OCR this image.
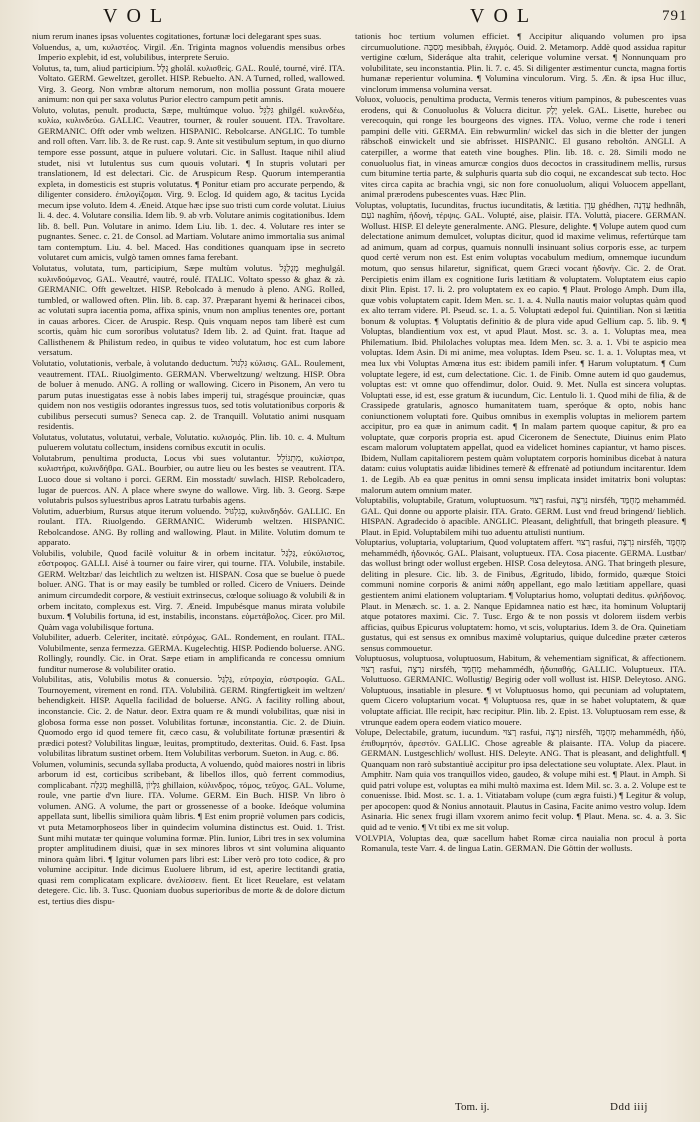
VOL	VOL	791

nium rerum inanes ipsas voluentes cogitationes, fortunæ loci delegarant spes suas.

Voluendus, a, um, κυλιστέος. Virgil. Æn. Triginta magnos voluendis mensibus orbes Imperio explebit, id est, volubilibus, interprete Seruio.

Volutus, ta, tum, aliud participium. גֻּלָּל gholál. κυλισθείς. GAL. Roulé, tourné, viré. ITA. Voltato. GERM. Geweltzet, gerollet. HISP. Rebuelto. AN. A Turned, rolled, wallowed. Virg. 3. Georg. Non vmbræ altorum nemorum, non mollia possunt Grata mouere animum: non qui per saxa volutus Purior electro campum petit amnis.

Voluto, volutas, penult. producta, Sæpe, multúmque voluo. גִּלְגֵּל ghilgél. κυλινδέω, κυλίω, κυλινδεύω. GALLIC. Veautrer, tourner, & rouler souuent. ITA. Travoltare. GERMANIC. Offt oder vmb weltzen. HISPANIC. Rebolcarse. ANGLIC. To tumble and roll often. Varr. lib. 3. de Re rust. cap. 9. Ante sit vestibulum septum, in quo diurno tempore esse possunt, atque in puluere volutari. Cic. in Sallust. Itaque nihil aliud studet, nisi vt lutulentus sus cum quouis volutari. ¶ In stupris volutari per translationem, Id est delectari. Cic. de Aruspicum Resp. Quorum intemperantia expleta, in domesticis est stupris volutatus. ¶ Ponitur etiam pro accurate perpendo, & diligenter considero. ἐπιλογίζομαι. Virg. 9. Eclog. Id quidem ago, & tacitus Lycida mecum ipse voluto. Idem 4. Æneid. Atque hæc ipse suo tristi cum corde volutat. Liuius li. 4. dec. 4. Volutare consilia. Idem lib. 9. ab vrb. Volutare animis cogitationibus. Idem lib. 8. bell. Pun. Volutare in animo. Idem Liu. lib. 1. dec. 4. Volutare res inter se pugnantes. Senec. c. 21. de Consol. ad Martiam. Volutare animo immortalia sus animal tam contemptum. Liu. 4. bel. Maced. Has conditiones quanquam ipse in secreto volutaret cum amicis, vulgò tamen omnes fama ferebant.

Volutatus, volutata, tum, participium, Sæpe multùm volutus. מְגֻלְגָּל meghulgál. κυλινδούμενος. GAL. Veautré, vautré, roulé. ITALIC. Voltato spesso & ghaz & zà. GERMANIC. Offt geweltzet. HISP. Rebolcado à menudo à pleno. ANG. Rolled, tumbled, or wallowed often. Plin. lib. 8. cap. 37. Præparant hyemi & herinacei cibos, ac volutati supra iacentia poma, affixa spinis, vnum non amplius tenentes ore, portant in cauas arbores. Cicer. de Aruspic. Resp. Quis vnquam nepos tam liberè est cum scortis, quàm hic cum sororibus volutatus? Idem lib. 2. ad Quint. frat. Itaque ad Callisthenem & Philistum redeo, in quibus te video volutatum, hoc est cum labore versatum.

Volutatio, volutationis, verbale, à volutando deductum. גִּלְגּוּל κύλισις. GAL. Roulement, veautrement. ITAL. Riuolgimento. GERMAN. Vberweltzung/ weltzung. HISP. Obra de boluer à menudo. ANG. A rolling or wallowing. Cicero in Pisonem, An vero tu parum putas inuestigatas esse à nobis labes imperij tui, stragésque prouinciæ, quas quidem non nos vestigiis odorantes ingressus tuos, sed totis volutationibus corporis & cubilibus persecuti sumus? Seneca cap. 2. de Tranquill. Volutatio animi nusquam residentis.

Volutatus, volutatus, volutatui, verbale, Volutatio. κυλισμός. Plin. lib. 10. c. 4. Multum puluerem volutatu collectum, insidens cornibus excutit in oculis.

Volutabrum, penultima producta, Locus vbi sues volutantur. מִתְגּוֹלֵל, κυλίστρα, κυλιστήρα, κυλινδήθρα. GAL. Bourbier, ou autre lieu ou les bestes se veautrent. ITA. Luoco doue si voltano i porci. GERM. Ein mosstadt/ suwlach. HISP. Rebolcadero, lugar de puercos. AN. A place where swyne do wallowe. Virg. lib. 3. Georg. Sæpe volutabris pulsos syluestribus apros Latratu turbabis agens.

Volutim, aduerbium, Rursus atque iterum voluendo. בְּגִלְגּוּל, κυλινδηδόν. GALLIC. En roulant. ITA. Riuolgendo. GERMANIC. Widerumb weltzen. HISPANIC. Rebolcandose. ANG. By rolling and wallowing. Plaut. in Milite. Volutim domum te apparato.

Volubilis, volubile, Quod facilè voluitur & in orbem incitatur. גַּלְגַּל, εὐκύλιστος, εὔστροφος. GALLI. Aisé à tourner ou faire virer, qui tourne. ITA. Volubile, instabile. GERM. Weltzbar/ das leichtlich zu weltzen ist. HISPAN. Cosa que se buelue ò puede boluer. ANG. That is or may easily be tumbled or rolled. Cicero de Vniuers. Deinde animum circumdedit corpore, & vestiuit extrinsecus, cœloque soliuago & volubili & in orbem incitato, complexus est. Virg. 7. Æneid. Impubésque manus mirata volubile buxum. ¶ Volubilis fortuna, id est, instabilis, inconstans. εὐμετάβολος. Cicer. pro Mil. Quàm vaga volubilisque fortuna.

Volubiliter, aduerb. Celeriter, incitatè. εὐτρόχως. GAL. Rondement, en roulant. ITAL. Volubilmente, senza fermezza. GERMA. Kugelechtig. HISP. Podiendo boluerse. ANG. Rollingly, roundly. Cic. in Orat. Sæpe etiam in amplificanda re concessu omnium funditur numerose & volubiliter oratio.

Volubilitas, atis, Volubilis motus & conuersio. גַּלְגַּל, εὐτροχία, εὐστροφία. GAL. Tournoyement, virement en rond. ITA. Volubilità. GERM. Ringfertigkeit im weltzen/ behendigkeit. HISP. Aquella facilidad de boluerse. ANG. A facility rolling about, inconstancie. Cic. 2. de Natur. deor. Extra quam re & mundi volubilitas, quæ nisi in globosa forma esse non posset. Volubilitas fortunæ, inconstantia. Cic. 2. de Diuin. Quomodo ergo id quod temere fit, cæco casu, & volubilitate fortunæ præsentiri & prædici potest? Volubilitas linguæ, leuitas, promptitudo, dexteritas. Ouid. 6. Fast. Ipsa volubilitas libratum sustinet orbem. Item Volubilitas verborum. Sueton. in Aug. c. 86.

Volumen, voluminis, secunda syllaba producta, A voluendo, quòd maiores nostri in libris arborum id est, corticibus scribebant, & libellos illos, quò ferrent commodius, complicabant. מְגִלָּה meghillâ, גִּלָּיוֹן ghillaion, κύλινδρος, τόμος, τεῦχος. GAL. Volume, roule, vne partie d'vn liure. ITA. Volume. GERM. Ein Buch. HISP. Vn libro ò volumen. ANG. A volume, the part or grossenesse of a booke. Ideóque volumina appellata sunt, libellis similiora quàm libris. ¶ Est enim propriè volumen pars codicis, vt puta Metamorphoseos liber in quindecim volumina distinctus est. Ouid. 1. Trist. Sunt mihi mutatæ ter quinque volumina formæ. Plin. Iunior, Libri tres in sex volumina propter amplitudinem diuisi, quæ in sex minores libros vt sint volumina aliquanto minora quàm libri. ¶ Igitur volumen pars libri est: Liber verò pro toto codice, & pro volumine accipitur. Inde dicimus Euoluere librum, id est, aperire lectitandi gratia, quasi rem complicatam explicare. ἀνελίσσειν. fient. Et licet Reuelare, est velatam detegere. Cic. lib. 3. Tusc. Quoniam duobus superioribus de morte & de dolore dictum est, tertius dies dispu-

tationis hoc tertium volumen efficiet. ¶ Accipitur aliquando volumen pro ipsa circumuolutione. מְסִבָּה mesibbah, ἑλιγμός. Ouid. 2. Metamorp. Addè quod assidua rapitur vertigine cœlum, Sideráque alta trahit, celerique volumine versat. ¶ Nonnunquam pro volubilitate, seu inconstantia. Plin. li. 7. c. 45. Si diligenter æstimentur cuncta, magna fortis humanæ reperientur volumina. ¶ Volumina vinculorum. Virg. 5. Æn. & ipsa Huc illuc, vinclorum immensa volumina versat.

Voluox, voluocis, penultima producta, Vermis teneros vitium pampinos, & pubescentes vuas erodens, qui & Conuoluolus & Volucra dicitur. יֶלֶק yelek. GAL. Lisette, hurebec ou verecoquin, qui ronge les bourgeons des vignes. ITA. Voluo, verme che rode i teneri pampini delle viti. GERMA. Ein rebwurmlin/ wickel das sich in die bletter der jungen räbschoß einwickelt und sie abfrisset. HISPANIC. El gusano reboltón. ANGLI. A caterpiller, a worme that eateth vine boughes. Plin. lib. 18. c. 28. Simili modo ne conuoluolus fiat, in vineas amurcæ congios duos decoctos in crassitudinem mellis, rursus cum bitumine tertia parte, & sulphuris quarta sub dio coqui, ne excandescat sub tecto. Hoc vites circa capita ac brachia vngi, sic non fore conuoluolum, aliqui Voluocem appellant, animal prærodens pubescentes vuas. Hæc Plin.

Voluptas, voluptatis, Iucunditas, fructus iucunditatis, & lætitia. עֵדֶן ghédhen, עֶדְנָה hedhnâh, נֹעַם naghîm, ἡδονή, τέρψις. GAL. Volupté, aise, plaisir. ITA. Voluttà, piacere. GERMAN. Wollust. HISP. El deleyte generalmente. ANG. Plesure, delighte. ¶ Volupe autem quod cum delectatione animum demulcet, voluptas dicitur, quod id maxime velimus, refertúrque tam ad animum, quam ad corpus, quamuis nonnulli insinuant solius corporis esse, ac turpem quod certè verum non est. Est enim voluptas vocabulum medium, omnemque iucundum motum, quo sensus hilaretur, significat, quem Græci vocant ἡδονήν. Cic. 2. de Orat. Percipietis enim illam ex cognitione Iuris lætitiam & voluptatem. Voluptatem eius capio dixit Plin. Epist. 17. li. 2. pro voluptatem ex eo capio. ¶ Plaut. Prologo Amph. Dum illa, quæ vobis voluptatem capit. Idem Men. sc. 1. a. 4. Nulla nautis maior voluptas quàm quod ex alto terram videre. Pl. Pseud. sc. 1. a. 5. Voluptati ædepol fui. Quintilian. Non si lætitia bonum & voluptas. ¶ Voluptatis definitio & de plura vide apud Gellium cap. 5. lib. 9. ¶ Voluptas, blandientium vox est, vt apud Plaut. Most. sc. 3. a. 1. Voluptas mea, mea Philematium. Ibid. Philolaches voluptas mea. Idem Men. sc. 3. a. 1. Vbi te aspicio mea voluptas. Idem Asin. Di mi anime, mea voluptas. Idem Pseu. sc. 1. a. 1. Voluptas mea, vt mea lux vbi Voluptas Amœna itus est: ibidem pamili infer. ¶ Harum voluptatum. ¶ Cum voluptate legere, id est, cum delectatione. Cic. 1. de Finib. Omne autem id quo gaudemus, voluptas est: vt omne quo offendimur, dolor. Ouid. 9. Met. Nulla est sincera voluptas. Voluptati esse, id est, esse gratum & iucundum, Cic. Lentulo li. 1. Quod mihi de filia, & de Crassipede gratularis, agnosco humanitatem tuam, speróque & opto, nobis hanc coniunctionem voluptati fore. Quibus omnibus in exemplis voluptas in meliorem partem accipitur, pro ea quæ in animum cadit. ¶ In malam partem quoque capitur, & pro ea voluptate, quæ corporis propria est. apud Ciceronem de Senectute, Diuinus enim Plato escam malorum voluptatem appellat, quod ea videlicet homines capiantur, vt hamo pisces. Ibidem, Nullam capitaliorem pestem quàm voluptatem corporis hominibus dicebat à natura datam: cuius voluptatis auidæ libidines temerè & effrenatè ad potiundum incitarentur. Idem 1. de Legib. Ab ea quæ penitus in omni sensu implicata insidet imitatrix boni voluptas: malorum autem omnium mater.

Voluptabilis, voluptabile, Gratum, voluptuosum. רָצוּי rasfui, נִרְצֶה nirsféh, מְחֻמָּד mehamméd. GAL. Qui donne ou apporte plaisir. ITA. Grato. GERM. Lust vnd freud bringend/ lieblich. HISPAN. Agradecido ò apacible. ANGLIC. Pleasant, delightfull, that bringeth pleasure. ¶ Plaut. in Epid. Voluptabilem mihi tuo aduentu attulisti nuntium.

Voluptarius, voluptaria, voluptarium, Quod voluptatem affert. רָצוּי rasfui, נִרְצֶה nirsféh, מְחֻמָּד mehammédh, ἡδονικός. GAL. Plaisant, voluptueux. ITA. Cosa piacente. GERMA. Lustbar/ das wollust bringt oder wollust ergeben. HISP. Cosa deleytosa. ANG. That bringeth plesure, deliting in plesure. Cic. lib. 3. de Finibus, Ægritudo, libido, formido, quæque Stoici communi nomine corporis & animi πάθη appellant, ego malo lætitiam appellare, quasi gestientem animi elationem voluptariam. ¶ Voluptarius homo, voluptati deditus. φιλήδονος. Plaut. in Menæch. sc. 1. a. 2. Nanque Epidamnea natio est hæc, ita hominum Voluptarij atque potatores maximi. Cic. 7. Tusc. Ergo & te non possis vt dolorem iisdem verbis afficias, quibus Epicurus voluptatem: homo, vt scis, voluptarius. Idem 3. de Ora. Quinetiam gustatus, qui est sensus ex omnibus maximè voluptarius, quique dulcedine præter cæteros sensus commouetur.

Voluptuosus, voluptuosa, voluptuosum, Habitum, & vehementiam significat, & affectionem. רָצוּי rasfui, נִרְצֶה nirsféh, מְחֻמָּד mehammédh, ἡδυπαθής. GALLIC. Voluptueux. ITA. Voluttuoso. GERMANIC. Wollustig/ Begirig oder voll wollust ist. HISP. Deleytoso. ANG. Voluptuous, insatiable in plesure. ¶ vt Voluptuosus homo, qui pecuniam ad voluptatem, quem Cicero voluptarium vocat. ¶ Voluptuosa res, quæ in se habet voluptatem, & quæ voluptate afficiat. Ille recipit, hæc recipitur. Plin. lib. 2. Epist. 13. Voluptuosam rem esse, & vtrunque eadem opera eodem viatico mouere.

Volupe, Delectabile, gratum, iucundum. רָצוּי rasfui, נִרְצֶה nirsféh, מְחֻמָּד mehammédh, ἡδύ, ἐπιθυμητόν, ἀρεστόν. GALLIC. Chose agreable & plaisante. ITA. Volup da piacere. GERMAN. Lustgeschlich/ wollust. HIS. Deleyte. ANG. That is pleasant, and delightfull. ¶ Quanquam non rarò substantiuè accipitur pro ipsa delectatione seu voluptate. Alex. Plaut. in Amphitr. Nam quia vos tranquillos video, gaudeo, & volupe mihi est. ¶ Plaut. in Amph. Si quid patri volupe est, voluptas ea mihi multò maxima est. Idem Mil. sc. 3. a. 2. Volupe est te conuenisse. Ibid. Most. sc. 1. a. 1. Vitiatabam volupe (cum ægra fuisti.) ¶ Legitur & volup, per apocopen: quod & Nonius annotauit. Plautus in Casina, Facite animo vestro volup. Idem Asinaria. Hic senex frugi illam vxorem animo fecit volup. ¶ Plaut. Mena. sc. 4. a. 3. Sic quid ad te venio. ¶ Vt tibi ex me sit volup.

VOLVPIA, Voluptas dea, quæ sacellum habet Romæ circa nauialia non procul à porta Romanula, teste Varr. 4. de lingua Latin. GERMAN. Die Göttin der wollusts.

Tom. ij.	Ddd iiij
